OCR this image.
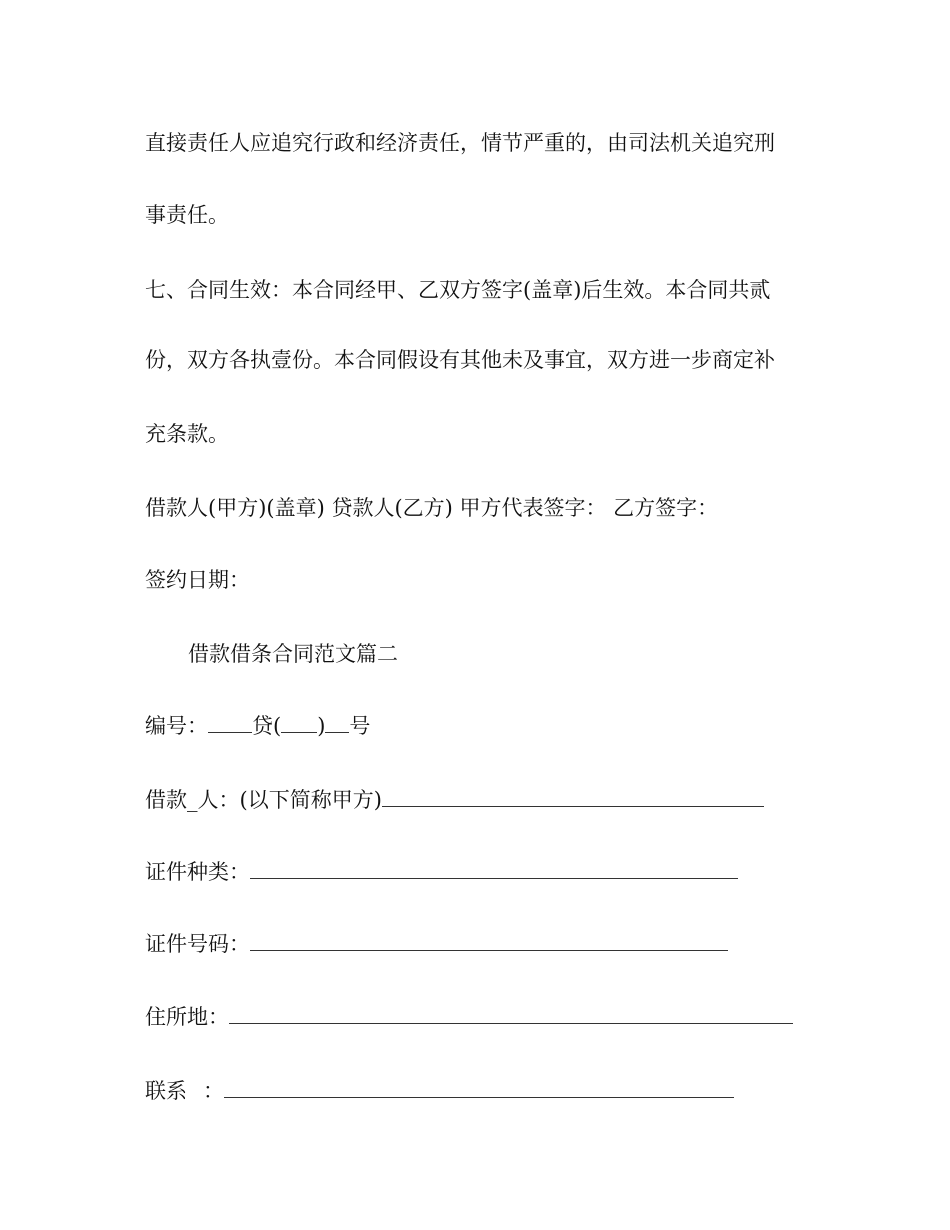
直接责任人应追究行政和经济责任，情节严重的，由司法机关追究刑
事责任。
七、合同生效：本合同经甲、乙双方签字(盖章)后生效。本合同共贰
份，双方各执壹份。本合同假设有其他未及事宜，双方进一步商定补
充条款。
借款人(甲方)(盖章) 贷款人(乙方) 甲方代表签字： 乙方签字：
签约日期：
借款借条合同范文篇二
编号： 贷( ) 号
借款_人：(以下简称甲方)
证件种类：
证件号码：
住所地：
联系 ：
